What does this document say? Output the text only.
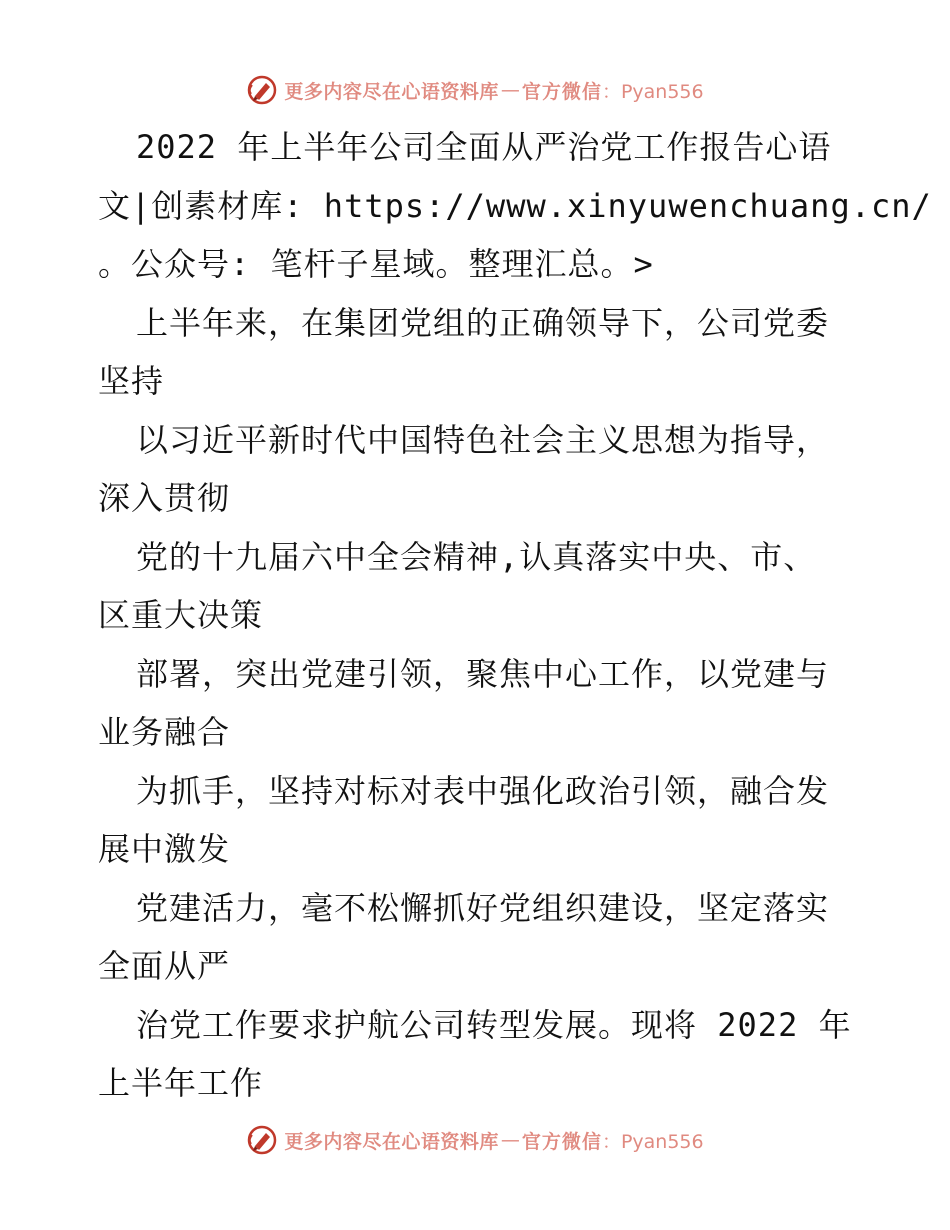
更多内容尽在心语资料库 — 官方微信 ：Pyan556
2022 年上半年公司全面从严治党工作报告心语
文|创素材库: https://www.xinyuwenchuang.cn/
。公众号: 笔杆子星域。整理汇总。>
上半年来，在集团党组的正确领导下，公司党委
坚持
以习近平新时代中国特色社会主义思想为指导，
深入贯彻
党的十九届六中全会精神,认真落实中央、市、
区重大决策
部署，突出党建引领，聚焦中心工作，以党建与
业务融合
为抓手，坚持对标对表中强化政治引领，融合发
展中激发
党建活力，毫不松懈抓好党组织建设，坚定落实
全面从严
治党工作要求护航公司转型发展。现将 2022 年
上半年工作
更多内容尽在心语资料库 — 官方微信 ：Pyan556
